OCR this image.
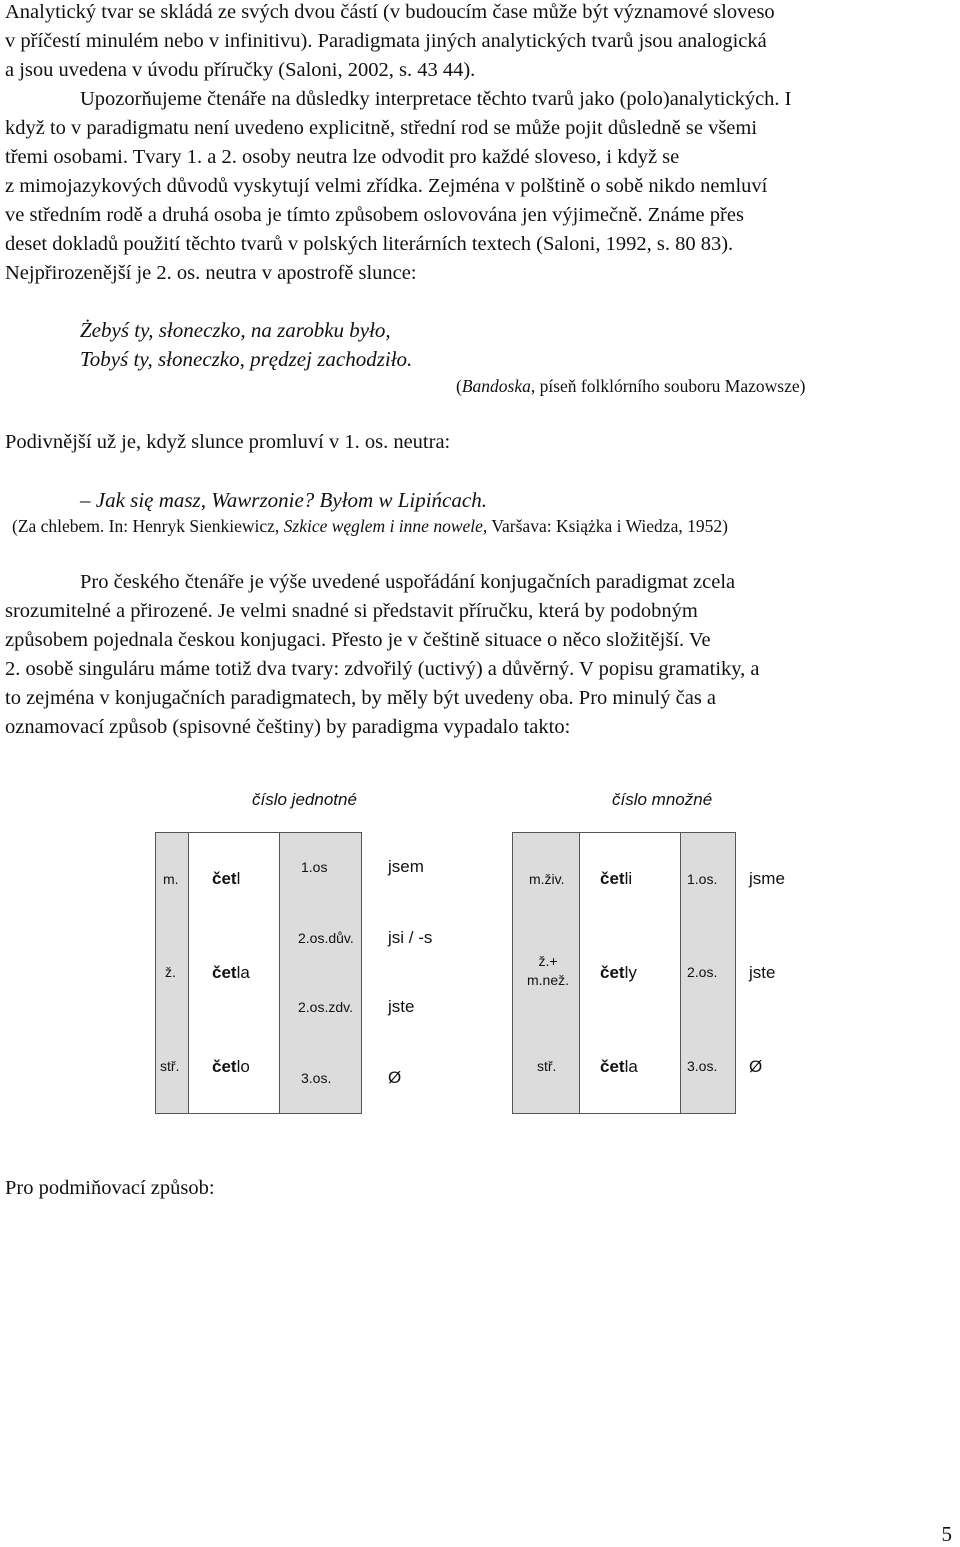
Analytický tvar se skládá ze svých dvou částí (v budoucím čase může být významové sloveso
v příčestí minulém nebo v infinitivu). Paradigmata jiných analytických tvarů jsou analogická
a jsou uvedena v úvodu příručky (Saloni, 2002, s. 43 44).
Upozorňujeme čtenáře na důsledky interpretace těchto tvarů jako (polo)analytických. I
když to v paradigmatu není uvedeno explicitně, střední rod se může pojit důsledně se všemi
třemi osobami. Tvary 1. a 2. osoby neutra lze odvodit pro každé sloveso, i když se
z mimojazykových důvodů vyskytují velmi zřídka. Zejména v polštině o sobě nikdo nemluví
ve středním rodě a druhá osoba je tímto způsobem oslovována jen výjimečně. Známe přes
deset dokladů použití těchto tvarů v polských literárních textech (Saloni, 1992, s. 80 83).
Nejpřirozenější je 2. os. neutra v apostrofě slunce:
Żebyś ty, słoneczko, na zarobku było,
Tobyś ty, słoneczko, prędzej zachodziło.
(Bandoska, píseň folklórního souboru Mazowsze)
Podivnější už je, když slunce promluví v 1. os. neutra:
– Jak się masz, Wawrzonie? Byłom w Lipińcach.
(Za chlebem. In: Henryk Sienkiewicz, Szkice węglem i inne nowele, Varšava: Książka i Wiedza, 1952)
Pro českého čtenáře je výše uvedené uspořádání konjugačních paradigmat zcela
srozumitelné a přirozené. Je velmi snadné si představit příručku, která by podobným
způsobem pojednala českou konjugaci. Přesto je v češtině situace o něco složitější. Ve
2. osobě singuláru máme totiž dva tvary: zdvořilý (uctivý) a důvěrný. V popisu gramatiky, a
to zejména v konjugačních paradigmatech, by měly být uvedeny oba. Pro minulý čas a
oznamovací způsob (spisovné češtiny) by paradigma vypadalo takto:
číslo jednotné	číslo množné
m.
ž.
stř.
četl
četla
četlo
1.os
2.os.dův.
2.os.zdv.
3.os.
jsem
jsi / -s
jste
Ø
m.živ.
ž.+ m.než.
stř.
četli
četly
četla
1.os.
2.os.
3.os.
jsme
jste
Ø
Pro podmiňovací způsob:
5
